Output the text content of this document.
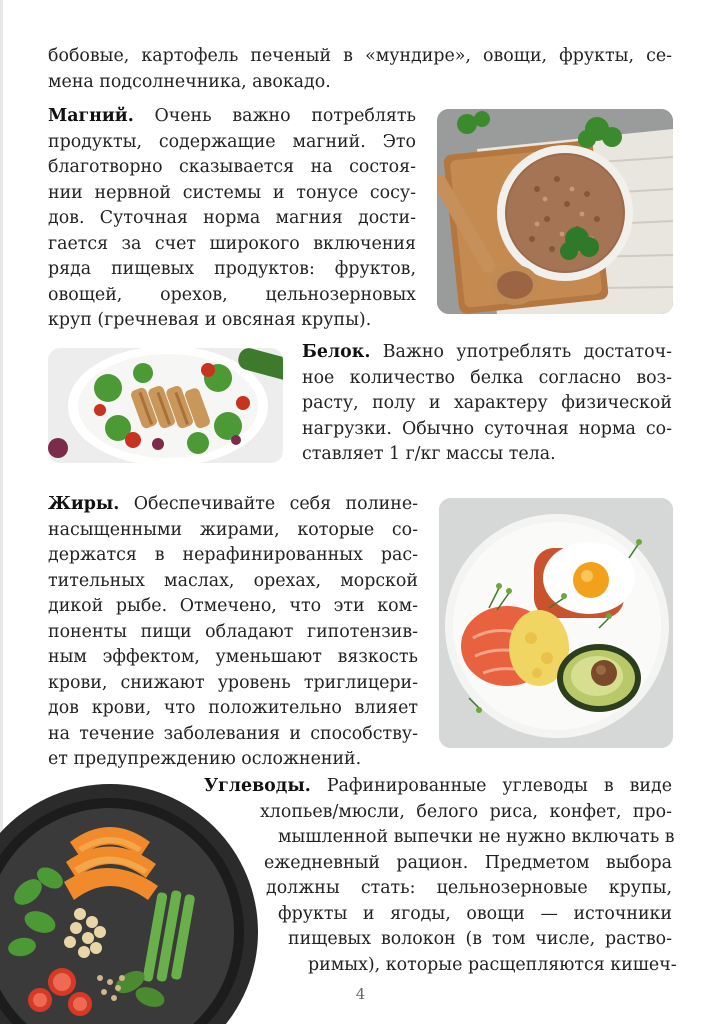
бобовые, картофель печеный в «мундире», овощи, фрукты, се-
мена подсолнечника, авокадо.
Магний. Очень важно потреблять
продукты, содержащие магний. Это
благотворно сказывается на состоя-
нии нервной системы и тонусе сосу-
дов. Суточная норма магния дости-
гается за счет широкого включения
ряда пищевых продуктов: фруктов,
овощей, орехов, цельнозерновых
круп (гречневая и овсяная крупы).
Белок. Важно употреблять достаточ-
ное количество белка согласно воз-
расту, полу и характеру физической
нагрузки. Обычно суточная норма со-
ставляет 1 г/кг массы тела.
Жиры. Обеспечивайте себя полине-
насыщенными жирами, которые со-
держатся в нерафинированных рас-
тительных маслах, орехах, морской
дикой рыбе. Отмечено, что эти ком-
поненты пищи обладают гипотензив-
ным эффектом, уменьшают вязкость
крови, снижают уровень триглицери-
дов крови, что положительно влияет
на течение заболевания и способству-
ет предупреждению осложнений.
Углеводы. Рафинированные углеводы в виде
хлопьев/мюсли, белого риса, конфет, про-
мышленной выпечки не нужно включать в
ежедневный рацион. Предметом выбора
должны стать: цельнозерновые крупы,
фрукты и ягоды, овощи — источники
пищевых волокон (в том числе, раство-
римых), которые расщепляются кишеч-
4
